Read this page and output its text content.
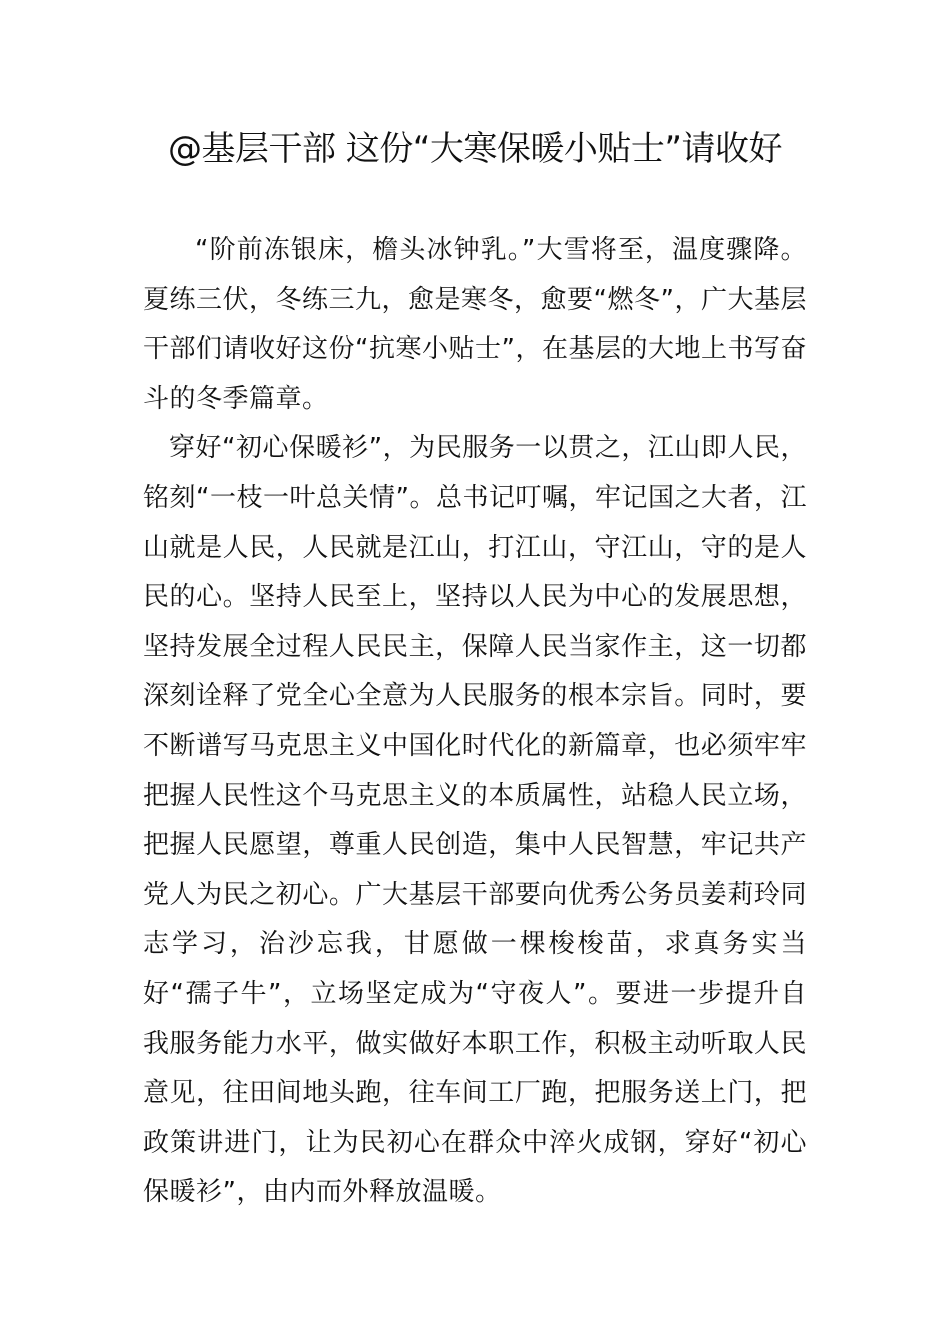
@基层干部 这份“大寒保暖小贴士”请收好

“阶前冻银床，檐头冰钟乳。”大雪将至，温度骤降。夏练三伏，冬练三九，愈是寒冬，愈要“燃冬”，广大基层干部们请收好这份“抗寒小贴士”，在基层的大地上书写奋斗的冬季篇章。

穿好“初心保暖衫”，为民服务一以贯之，江山即人民，铭刻“一枝一叶总关情”。总书记叮嘱，牢记国之大者，江山就是人民，人民就是江山，打江山，守江山，守的是人民的心。坚持人民至上，坚持以人民为中心的发展思想，坚持发展全过程人民民主，保障人民当家作主，这一切都深刻诠释了党全心全意为人民服务的根本宗旨。同时，要不断谱写马克思主义中国化时代化的新篇章，也必须牢牢把握人民性这个马克思主义的本质属性，站稳人民立场，把握人民愿望，尊重人民创造，集中人民智慧，牢记共产党人为民之初心。广大基层干部要向优秀公务员姜莉玲同志学习，治沙忘我，甘愿做一棵梭梭苗，求真务实当好“孺子牛”，立场坚定成为“守夜人”。要进一步提升自我服务能力水平，做实做好本职工作，积极主动听取人民意见，往田间地头跑，往车间工厂跑，把服务送上门，把政策讲进门，让为民初心在群众中淬火成钢，穿好“初心保暖衫”，由内而外释放温暖。
